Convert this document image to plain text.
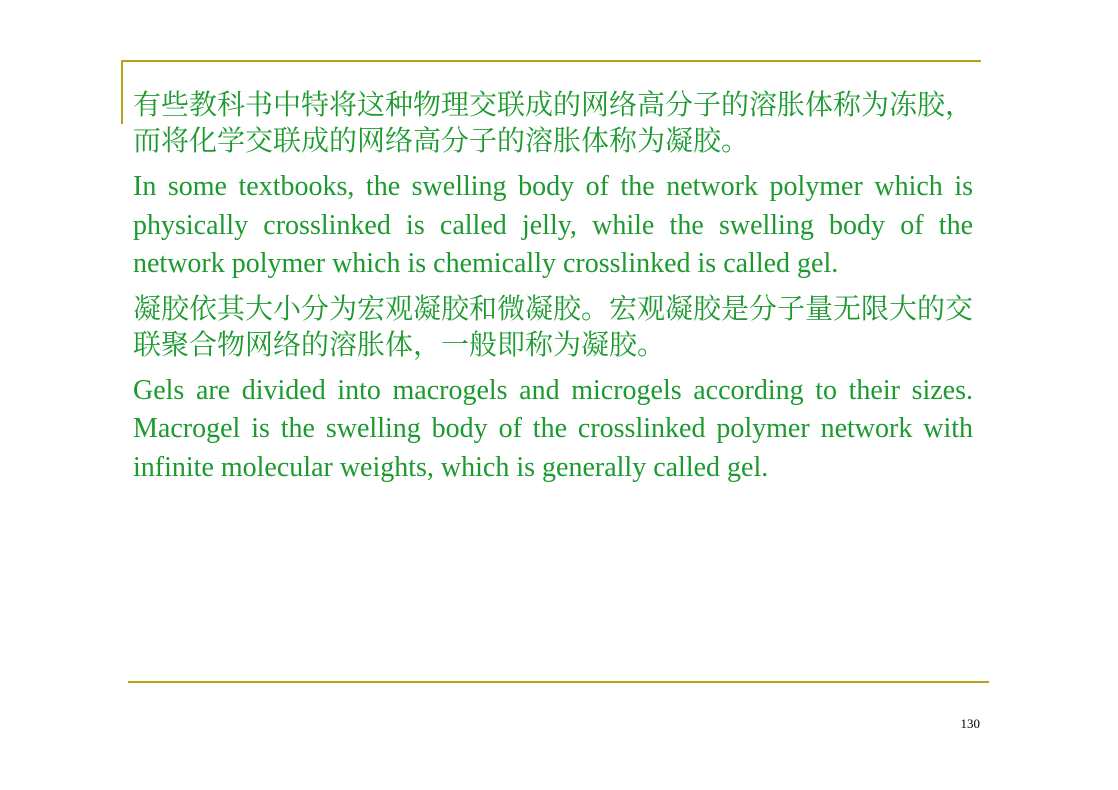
有些教科书中特将这种物理交联成的网络高分子的溶胀体称为冻胶，而将化学交联成的网络高分子的溶胀体称为凝胶。

In some textbooks, the swelling body of the network polymer which is physically crosslinked is called jelly, while the swelling body of the network polymer which is chemically crosslinked is called gel.

凝胶依其大小分为宏观凝胶和微凝胶。宏观凝胶是分子量无限大的交联聚合物网络的溶胀体，一般即称为凝胶。

Gels are divided into macrogels and microgels according to their sizes. Macrogel is the swelling body of the crosslinked polymer network with infinite molecular weights, which is generally called gel.

130
